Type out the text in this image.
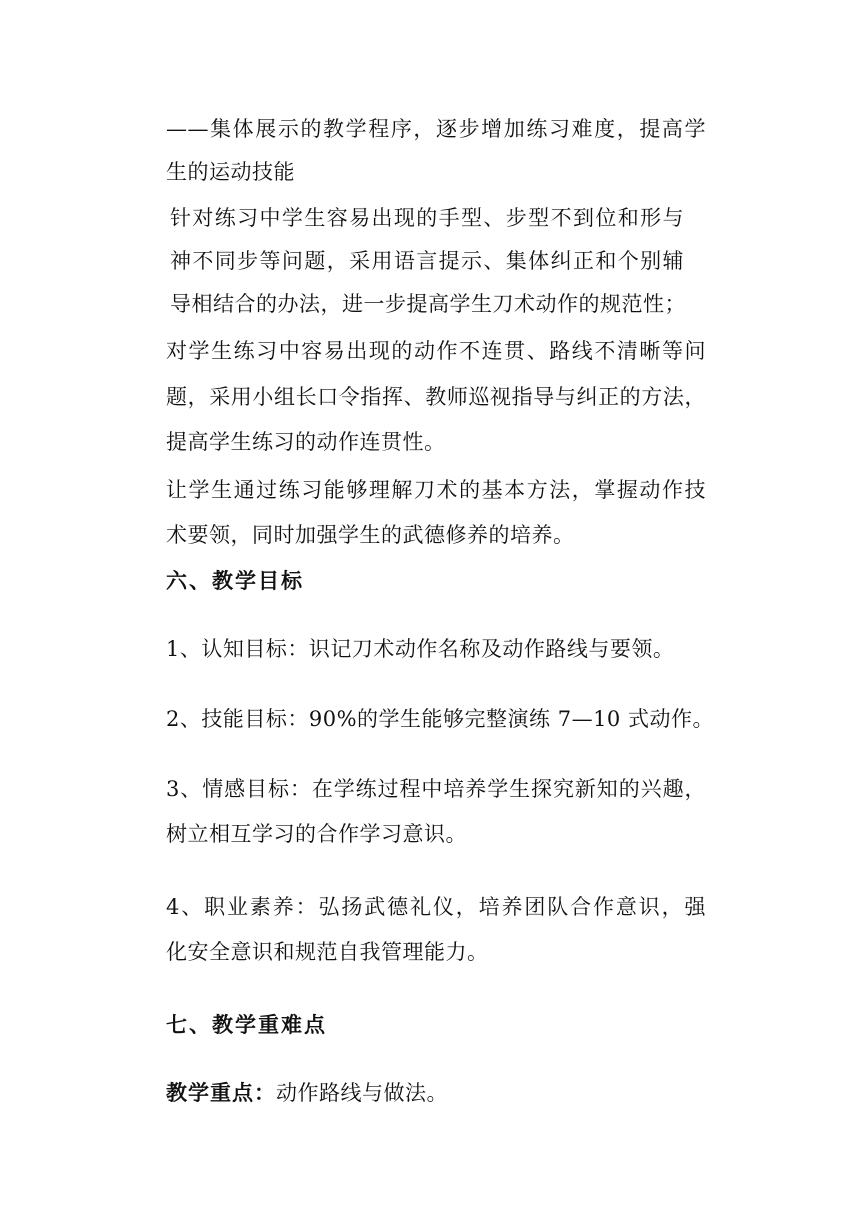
——集体展示的教学程序，逐步增加练习难度，提高学
生的运动技能
针对练习中学生容易出现的手型、步型不到位和形与
神不同步等问题，采用语言提示、集体纠正和个别辅
导相结合的办法，进一步提高学生刀术动作的规范性；
对学生练习中容易出现的动作不连贯、路线不清晰等问
题，采用小组长口令指挥、教师巡视指导与纠正的方法，
提高学生练习的动作连贯性。
让学生通过练习能够理解刀术的基本方法，掌握动作技
术要领，同时加强学生的武德修养的培养。
六、教学目标
1、认知目标：识记刀术动作名称及动作路线与要领。
2、技能目标：90%的学生能够完整演练 7—10 式动作。
3、情感目标：在学练过程中培养学生探究新知的兴趣，
树立相互学习的合作学习意识。
4、职业素养：弘扬武德礼仪，培养团队合作意识，强
化安全意识和规范自我管理能力。
七、教学重难点
教学重点：动作路线与做法。
